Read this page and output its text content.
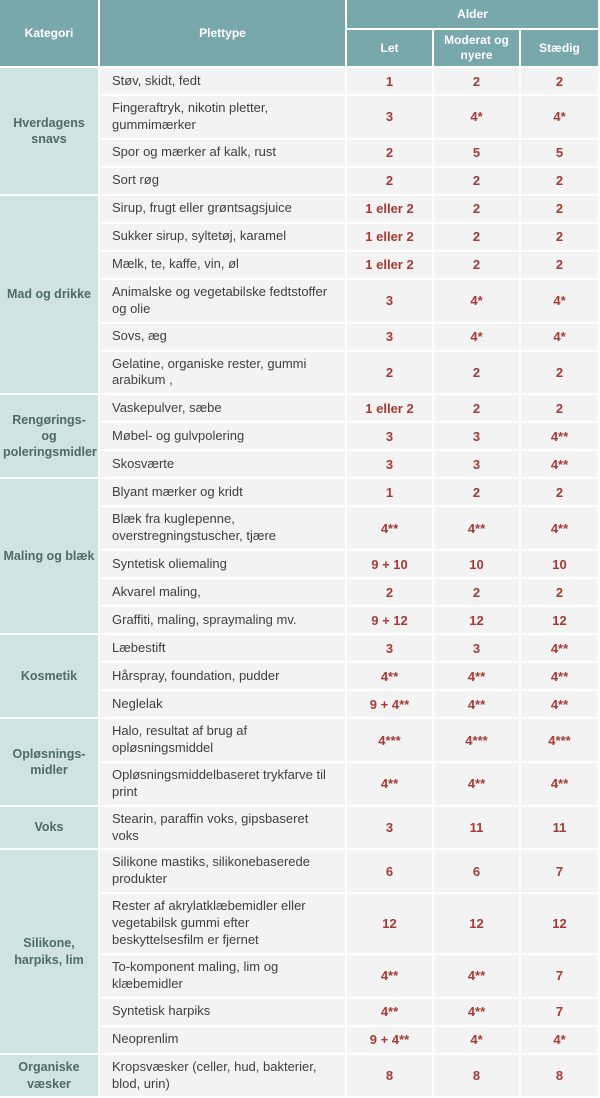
Kategori	Plettype	Alder		
		Let	Moderat og nyere	Stædig
Hverdagens snavs	Støv, skidt, fedt	1	2	2
	Fingeraftryk, nikotin pletter, gummimærker	3	4*	4*
	Spor og mærker af kalk, rust	2	5	5
	Sort røg	2	2	2
Mad og drikke	Sirup, frugt eller grøntsagsjuice	1 eller 2	2	2
	Sukker sirup, syltetøj, karamel	1 eller 2	2	2
	Mælk, te, kaffe, vin, øl	1 eller 2	2	2
	Animalske og vegetabilske fedtstoffer og olie	3	4*	4*
	Sovs, æg	3	4*	4*
	Gelatine, organiske rester, gummi arabikum ,	2	2	2
Rengørings- og poleringsmidler	Vaskepulver, sæbe	1 eller 2	2	2
	Møbel- og gulvpolering	3	3	4**
	Skosværte	3	3	4**
Maling og blæk	Blyant mærker og kridt	1	2	2
	Blæk fra kuglepenne, overstregningstuscher, tjære	4**	4**	4**
	Syntetisk oliemaling	9 + 10	10	10
	Akvarel maling,	2	2	2
	Graffiti, maling, spraymaling mv.	9 + 12	12	12
Kosmetik	Læbestift	3	3	4**
	Hårspray, foundation, pudder	4**	4**	4**
	Neglelak	9 + 4**	4**	4**
Opløsnings-midler	Halo, resultat af brug af opløsningsmiddel	4***	4***	4***
	Opløsningsmiddelbaseret trykfarve til print	4**	4**	4**
Voks	Stearin, paraffin voks, gipsbaseret voks	3	11	11
Silikone, harpiks, lim	Silikone mastiks, silikonebaserede produkter	6	6	7
	Rester af akrylatklæbemidler eller vegetabilsk gummi efter beskyttelsesfilm er fjernet	12	12	12
	To-komponent maling, lim og klæbemidler	4**	4**	7
	Syntetisk harpiks	4**	4**	7
	Neoprenlim	9 + 4**	4*	4*
Organiske væsker	Kropsvæsker (celler, hud, bakterier, blod, urin)	8	8	8
